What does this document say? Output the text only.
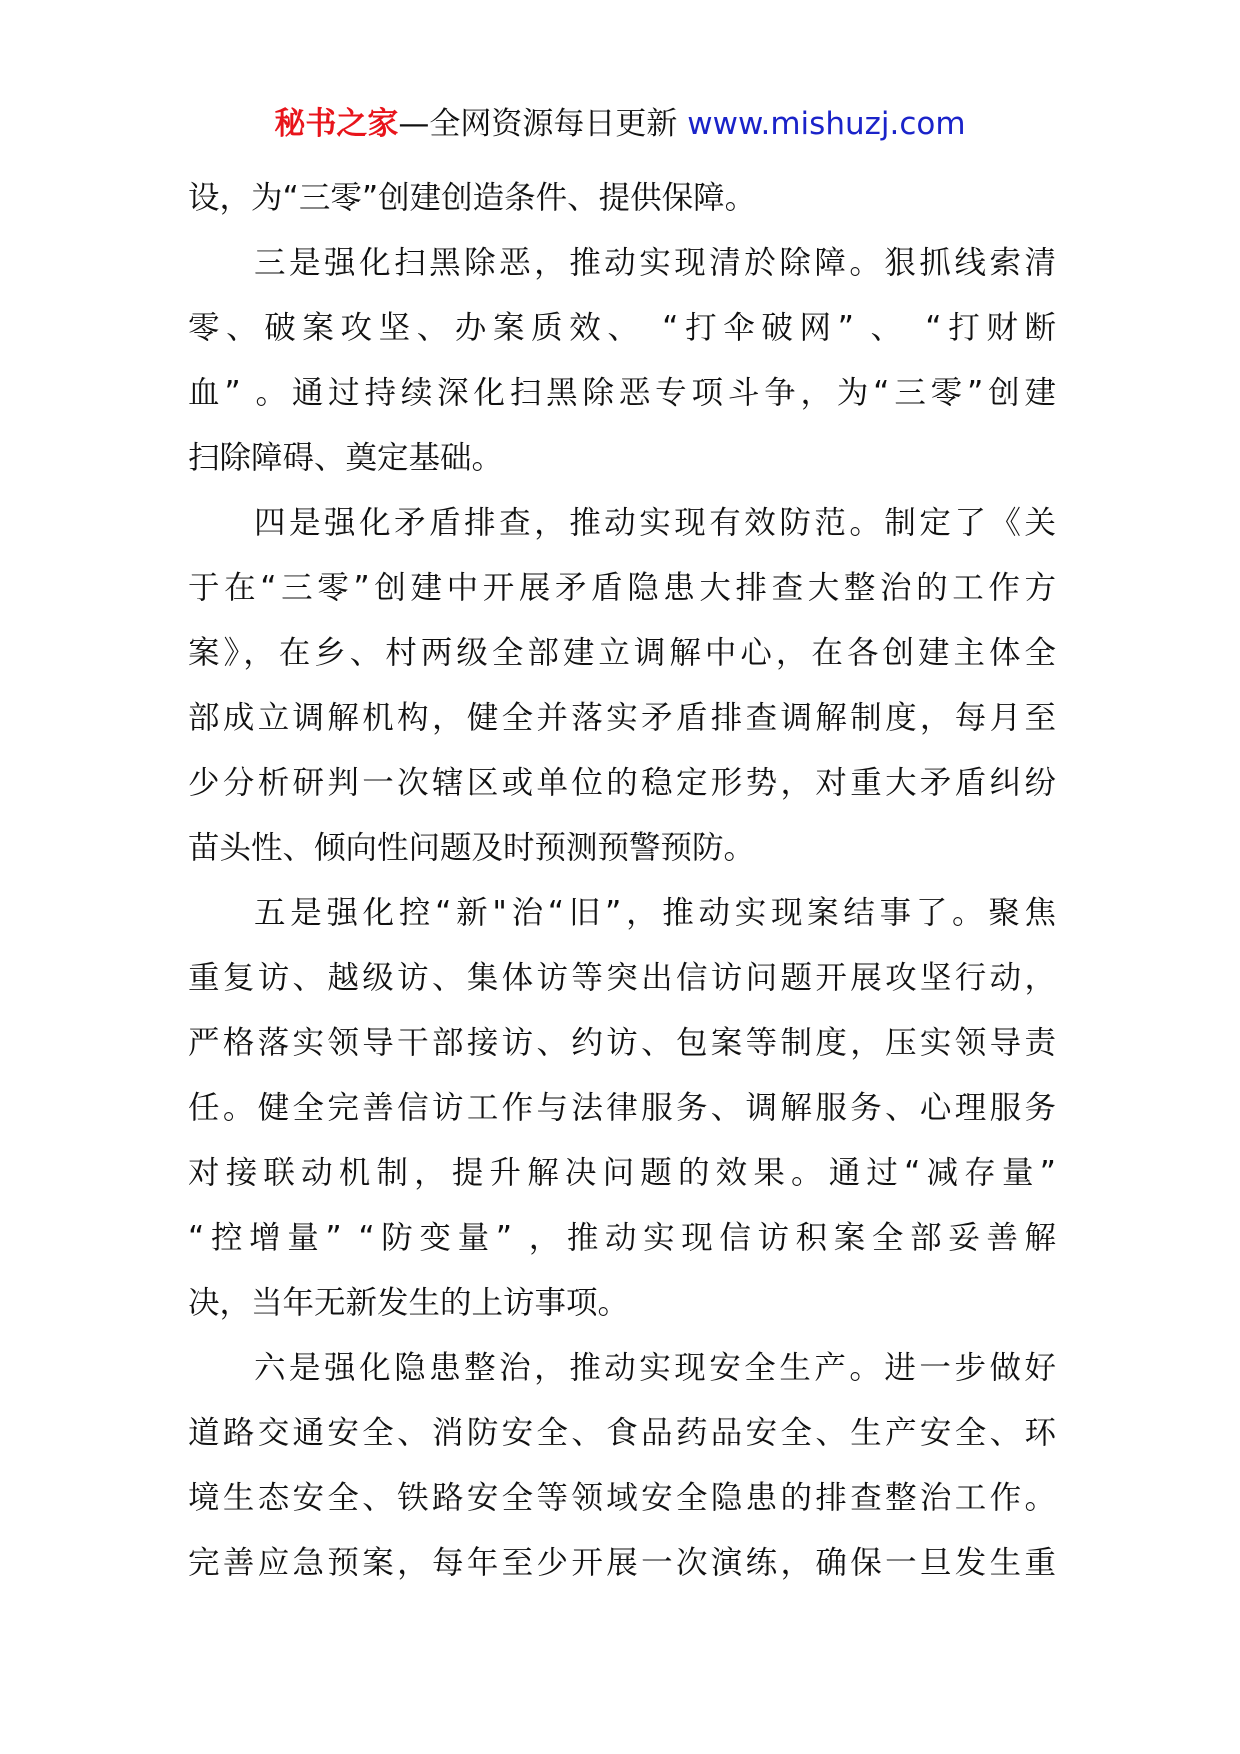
秘书之家—全网资源每日更新 www.mishuzj.com
设，为“三零”创建创造条件、提供保障。
三是强化扫黑除恶，推动实现清於除障。狠抓线索清
零、破案攻坚、办案质效、 “打伞破网” 、 “打财断
血” 。通过持续深化扫黑除恶专项斗争，为“三零”创建
扫除障碍、奠定基础。
四是强化矛盾排查，推动实现有效防范。制定了《关
于在“三零”创建中开展矛盾隐患大排查大整治的工作方
案》，在乡、村两级全部建立调解中心，在各创建主体全
部成立调解机构，健全并落实矛盾排查调解制度，每月至
少分析研判一次辖区或单位的稳定形势，对重大矛盾纠纷
苗头性、倾向性问题及时预测预警预防。
五是强化控“新"治“旧”，推动实现案结事了。聚焦
重复访、越级访、集体访等突出信访问题开展攻坚行动，
严格落实领导干部接访、约访、包案等制度，压实领导责
任。健全完善信访工作与法律服务、调解服务、心理服务
对接联动机制，提升解决问题的效果。通过“减存量”
“控增量” “防变量” ，推动实现信访积案全部妥善解
决，当年无新发生的上访事项。
六是强化隐患整治，推动实现安全生产。进一步做好
道路交通安全、消防安全、食品药品安全、生产安全、环
境生态安全、铁路安全等领域安全隐患的排查整治工作。
完善应急预案，每年至少开展一次演练，确保一旦发生重
